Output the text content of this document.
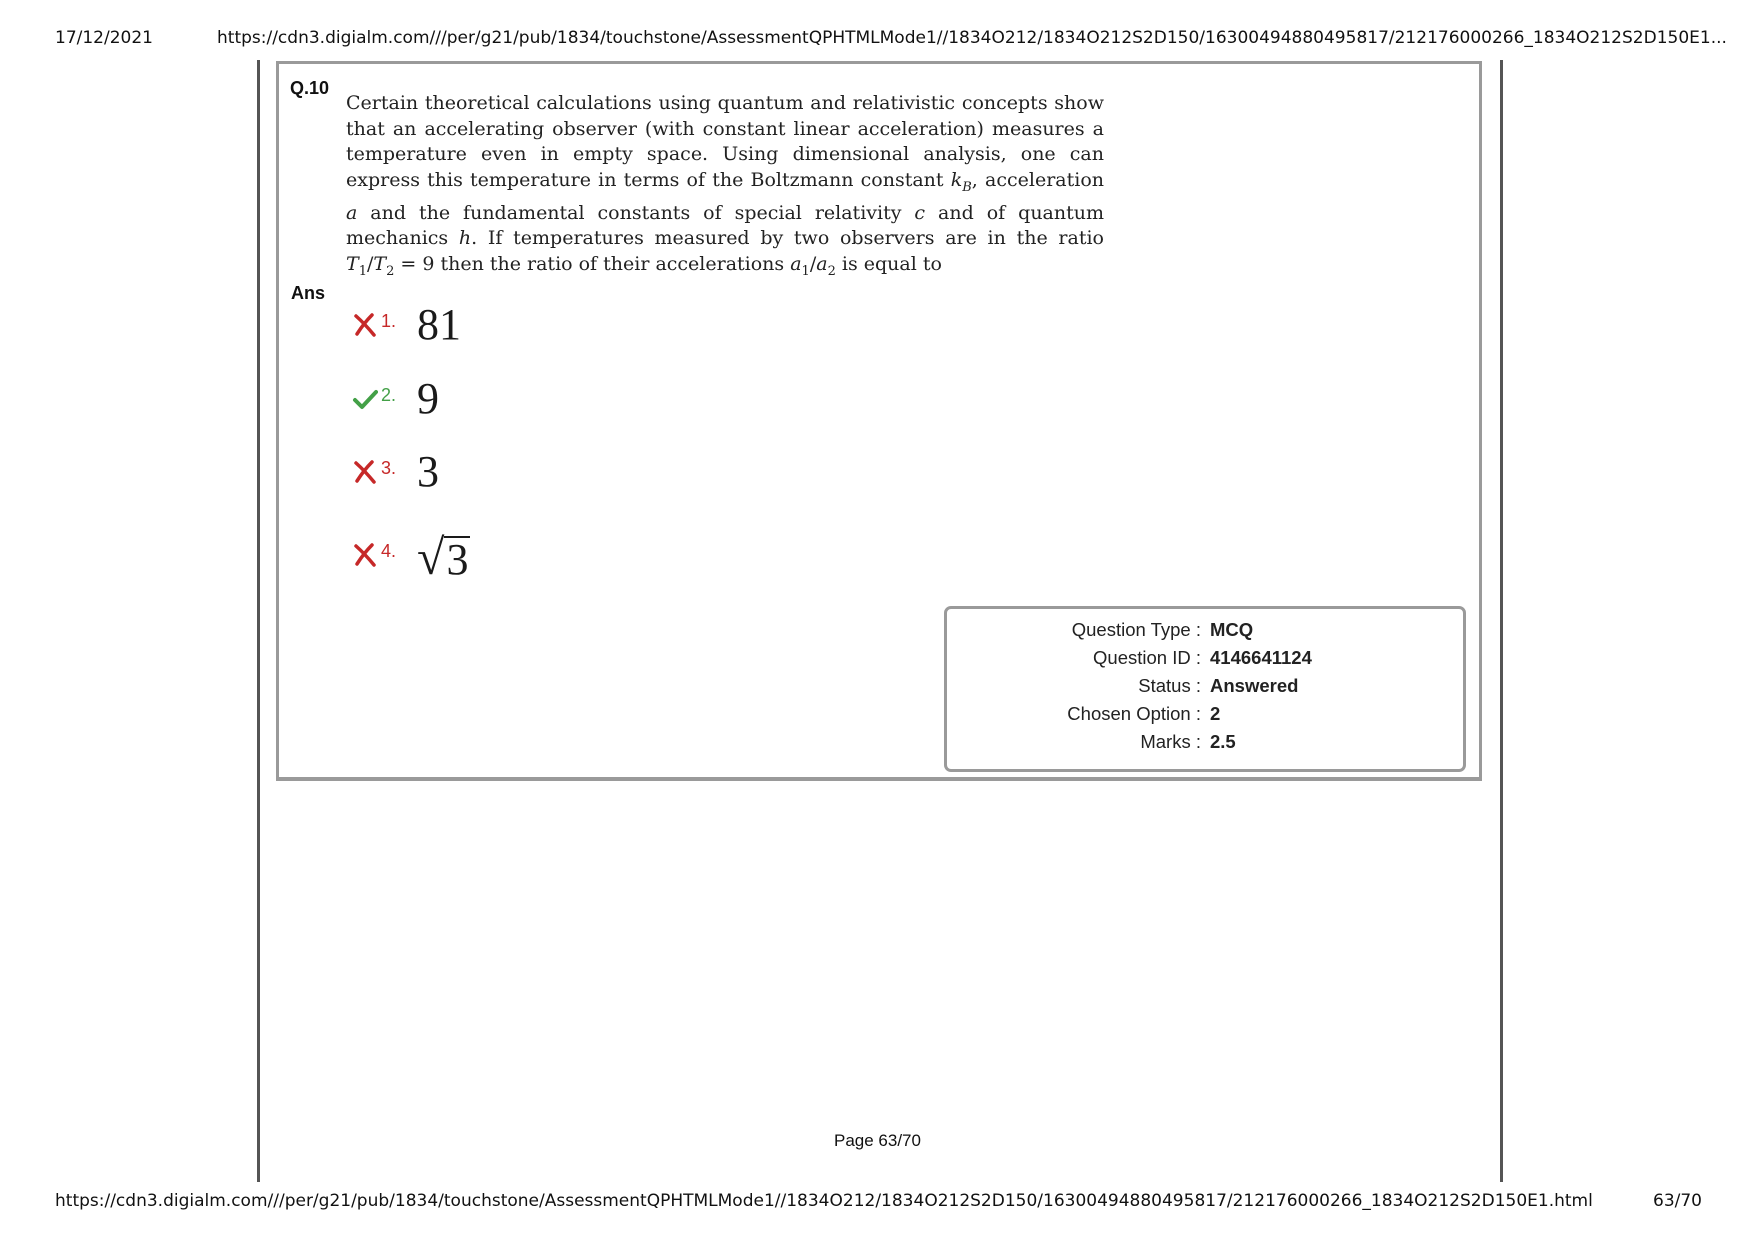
17/12/2021	https://cdn3.digialm.com///per/g21/pub/1834/touchstone/AssessmentQPHTMLMode1//1834O212/1834O212S2D150/16300494880495817/212176000266_1834O212S2D150E1...
Q.10
Certain theoretical calculations using quantum and relativistic concepts show that an accelerating observer (with constant linear acceleration) measures a temperature even in empty space. Using dimensional analysis, one can express this temperature in terms of the Boltzmann constant $k_B$, acceleration a and the fundamental constants of special relativity c and of quantum mechanics h. If temperatures measured by two observers are in the ratio $T_1/T_2 = 9$ then the ratio of their accelerations $a_1/a_2$ is equal to
Ans
1. 81
2. 9
3. 3
4. √3
Question Type : MCQ
Question ID : 4146641124
Status : Answered
Chosen Option : 2
Marks : 2.5
Page 63/70
https://cdn3.digialm.com///per/g21/pub/1834/touchstone/AssessmentQPHTMLMode1//1834O212/1834O212S2D150/16300494880495817/212176000266_1834O212S2D150E1.html	63/70
